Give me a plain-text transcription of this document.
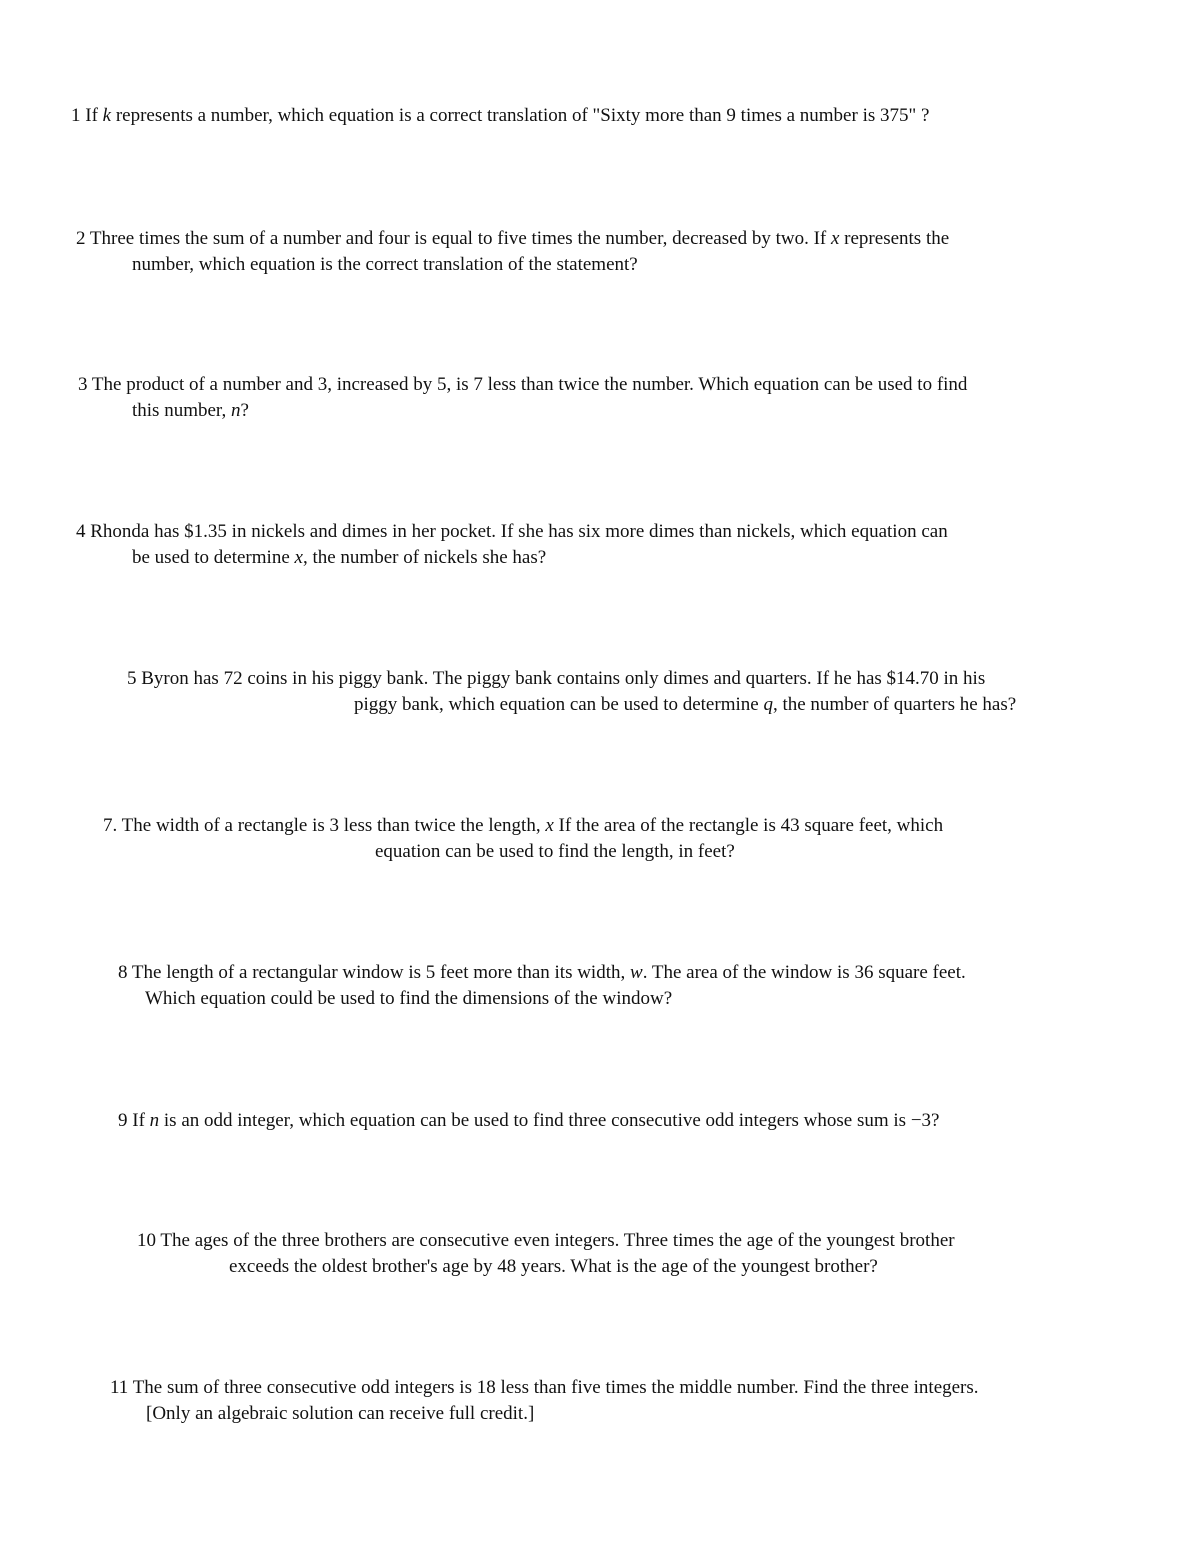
1 If k represents a number, which equation is a correct translation of "Sixty more than 9 times a number is 375" ?
2 Three times the sum of a number and four is equal to five times the number, decreased by two. If x represents the
number, which equation is the correct translation of the statement?
3 The product of a number and 3, increased by 5, is 7 less than twice the number. Which equation can be used to find
this number, n?
4 Rhonda has $1.35 in nickels and dimes in her pocket. If she has six more dimes than nickels, which equation can
be used to determine x, the number of nickels she has?
5 Byron has 72 coins in his piggy bank. The piggy bank contains only dimes and quarters. If he has $14.70 in his
piggy bank, which equation can be used to determine q, the number of quarters he has?
7. The width of a rectangle is 3 less than twice the length, x If the area of the rectangle is 43 square feet, which
equation can be used to find the length, in feet?
8 The length of a rectangular window is 5 feet more than its width, w. The area of the window is 36 square feet.
Which equation could be used to find the dimensions of the window?
9 If n is an odd integer, which equation can be used to find three consecutive odd integers whose sum is −3?
10 The ages of the three brothers are consecutive even integers. Three times the age of the youngest brother
exceeds the oldest brother's age by 48 years. What is the age of the youngest brother?
11 The sum of three consecutive odd integers is 18 less than five times the middle number. Find the three integers.
[Only an algebraic solution can receive full credit.]
